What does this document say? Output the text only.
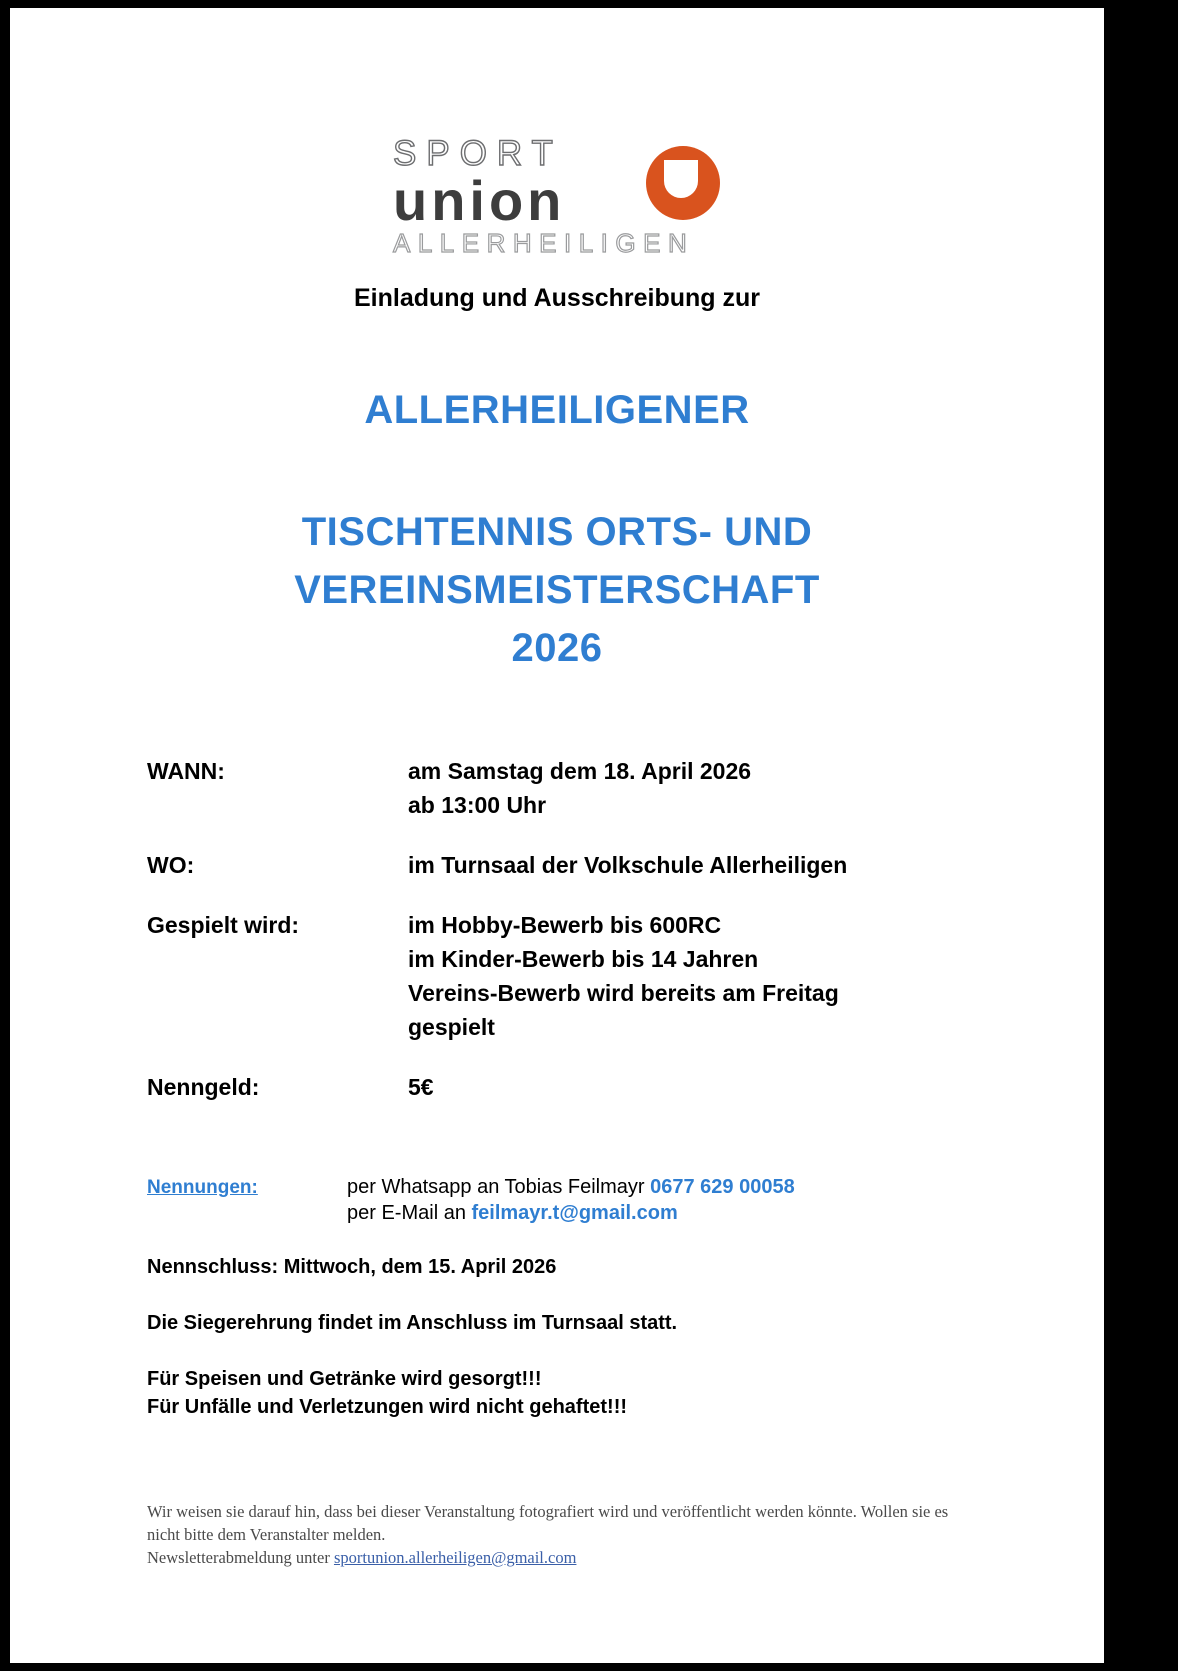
SPORT
union
ALLERHEILIGEN
Einladung und Ausschreibung zur
ALLERHEILIGENER
TISCHTENNIS ORTS- UND
VEREINSMEISTERSCHAFT
2026
WANN:	am Samstag dem 18. April 2026
ab 13:00 Uhr
WO:	im Turnsaal der Volkschule Allerheiligen
Gespielt wird:	im Hobby-Bewerb bis 600RC
im Kinder-Bewerb bis 14 Jahren
Vereins-Bewerb wird bereits am Freitag
gespielt
Nenngeld:	5€
Nennungen:	per Whatsapp an Tobias Feilmayr 0677 629 00058
per E-Mail an feilmayr.t@gmail.com
Nennschluss: Mittwoch, dem 15. April 2026
Die Siegerehrung findet im Anschluss im Turnsaal statt.
Für Speisen und Getränke wird gesorgt!!!
Für Unfälle und Verletzungen wird nicht gehaftet!!!
Wir weisen sie darauf hin, dass bei dieser Veranstaltung fotografiert wird und veröffentlicht werden könnte. Wollen sie es
nicht bitte dem Veranstalter melden.
Newsletterabmeldung unter sportunion.allerheiligen@gmail.com
